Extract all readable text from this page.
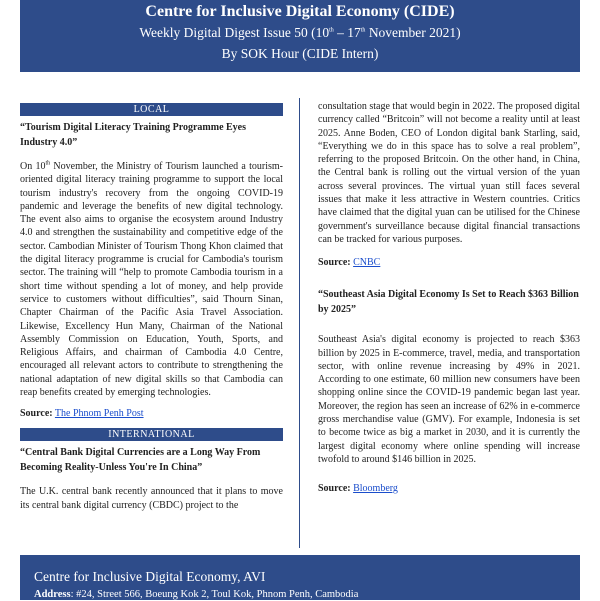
Centre for Inclusive Digital Economy (CIDE)
Weekly Digital Digest Issue 50 (10th – 17th November 2021)
By SOK Hour (CIDE Intern)
LOCAL
“Tourism Digital Literacy Training Programme Eyes Industry 4.0”

On 10th November, the Ministry of Tourism launched a tourism-oriented digital literacy training programme to support the local tourism industry's recovery from the ongoing COVID-19 pandemic and leverage the benefits of new digital technology. The event also aims to organise the ecosystem around Industry 4.0 and strengthen the sustainability and competitive edge of the sector. Cambodian Minister of Tourism Thong Khon claimed that the digital literacy programme is crucial for Cambodia's tourism sector. The training will “help to promote Cambodia tourism in a short time without spending a lot of money, and help provide service to customers without difficulties”, said Thourn Sinan, Chapter Chairman of the Pacific Asia Travel Association. Likewise, Excellency Hun Many, Chairman of the National Assembly Commission on Education, Youth, Sports, and Religious Affairs, and chairman of Cambodia 4.0 Centre, encouraged all relevant actors to contribute to strengthening the national adaptation of new digital skills so that Cambodia can reap benefits created by emerging technologies.

Source: The Phnom Penh Post
INTERNATIONAL
“Central Bank Digital Currencies are a Long Way From Becoming Reality-Unless You're In China”

The U.K. central bank recently announced that it plans to move its central bank digital currency (CBDC) project to the

consultation stage that would begin in 2022. The proposed digital currency called “Britcoin” will not become a reality until at least 2025. Anne Boden, CEO of London digital bank Starling, said, “Everything we do in this space has to solve a real problem”, referring to the proposed Britcoin. On the other hand, in China, the Central bank is rolling out the virtual version of the yuan across several provinces. The virtual yuan still faces several issues that make it less attractive in Western countries. Critics have claimed that the digital yuan can be utilised for the Chinese government's surveillance because digital financial transactions can be tracked for various purposes.

Source: CNBC
“Southeast Asia Digital Economy Is Set to Reach $363 Billion by 2025”

Southeast Asia's digital economy is projected to reach $363 billion by 2025 in E-commerce, travel, media, and transportation sector, with online revenue increasing by 49% in 2021. According to one estimate, 60 million new consumers have been shopping online since the COVID-19 pandemic began last year. Moreover, the region has seen an increase of 62% in e-commerce gross merchandise value (GMV). For example, Indonesia is set to become twice as big a market in 2030, and it is currently the largest digital economy where online spending will increase twofold to around $146 billion in 2025.

Source: Bloomberg
Centre for Inclusive Digital Economy, AVI
Address: #24, Street 566, Boeung Kok 2, Toul Kok, Phnom Penh, Cambodia
